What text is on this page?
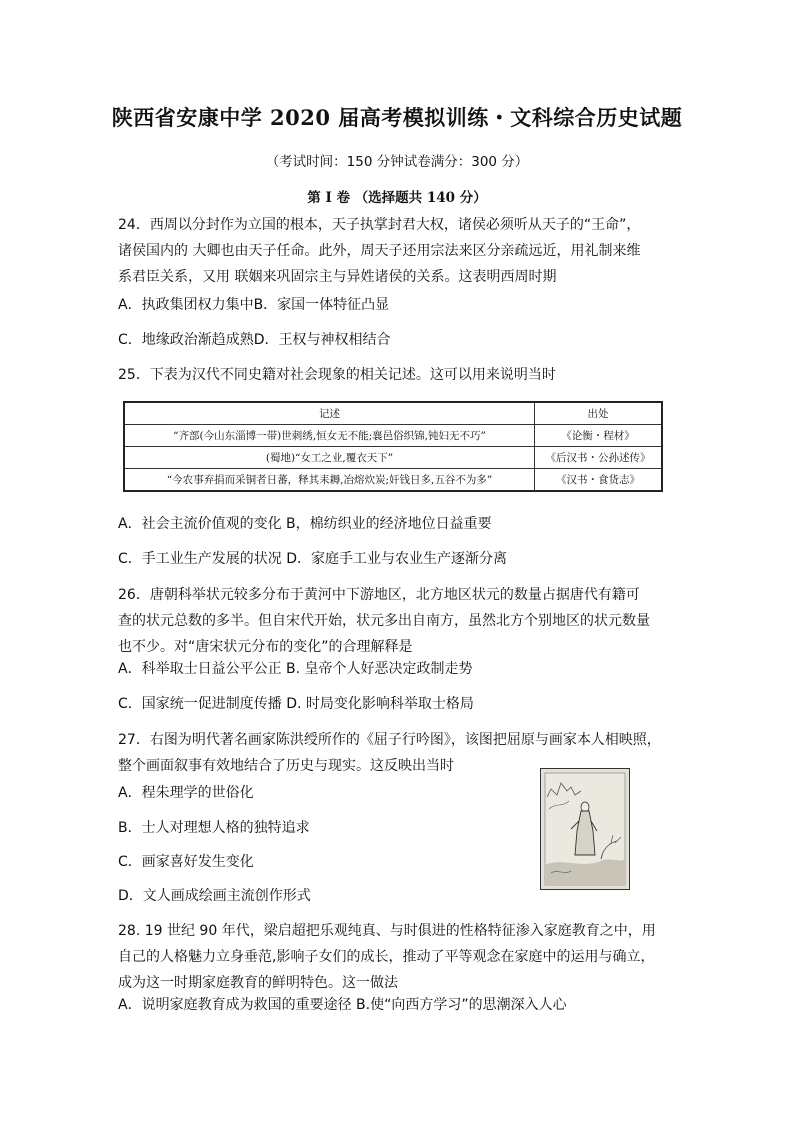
陕西省安康中学 2020 届高考模拟训练・文科综合历史试题
（考试时间：150 分钟试卷满分：300 分）
第 I 卷 （选择题共 140 分）
24．西周以分封作为立国的根本，天子执掌封君大权，诸侯必须听从天子的“王命”，
诸侯国内的 大卿也由天子任命。此外，周天子还用宗法来区分亲疏远近，用礼制来维
系君臣关系，又用 联姻来巩固宗主与异姓诸侯的关系。这表明西周时期
A．执政集团权力集中B．家国一体特征凸显
C．地缘政治渐趋成熟D．王权与神权相结合
25．下表为汉代不同史籍对社会现象的相关记述。这可以用来说明当时
记述	出处
“齐部(今山东淄博一带)世刺绣,恒女无不能;襄邑俗织锦,钝妇无不巧”	《论衡・程材》
(蜀地)“女工之业,覆衣天下”	《后汉书・公孙述传》
“今农事弃捐而采铜者日蕃，释其耒耨,冶熔炊炭;奸钱日多,五谷不为多”	《汉书・食货志》
A．社会主流价值观的变化 B，棉纺织业的经济地位日益重要
C．手工业生产发展的状况 D．家庭手工业与农业生产逐渐分离
26．唐朝科举状元较多分布于黄河中下游地区，北方地区状元的数量占据唐代有籍可
查的状元总数的多半。但自宋代开始，状元多出自南方，虽然北方个别地区的状元数量
也不少。对“唐宋状元分布的变化”的合理解释是
A．科举取士日益公平公正 B. 皇帝个人好恶决定政制走势
C．国家统一促进制度传播 D. 时局变化影响科举取士格局
27．右图为明代著名画家陈洪绶所作的《屈子行吟图》，该图把屈原与画家本人相映照，
整个画面叙事有效地结合了历史与现实。这反映出当时
A．程朱理学的世俗化
B．士人对理想人格的独特追求
C．画家喜好发生变化
D．文人画成绘画主流创作形式
28. 19 世纪 90 年代，梁启超把乐观纯真、与时俱进的性格特征渗入家庭教育之中，用
自己的人格魅力立身垂范,影响子女们的成长，推动了平等观念在家庭中的运用与确立，
成为这一时期家庭教育的鲜明特色。这一做法
A．说明家庭教育成为救国的重要途径 B.使“向西方学习”的思潮深入人心
